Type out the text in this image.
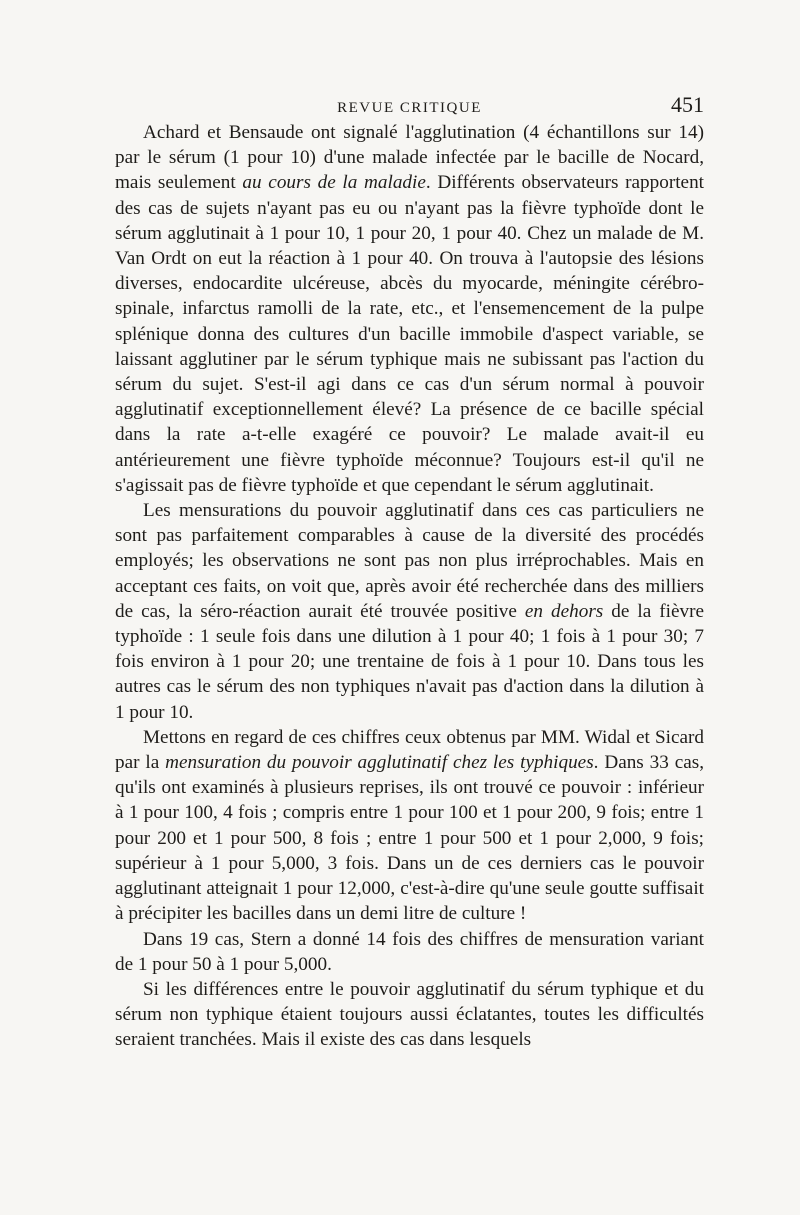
REVUE CRITIQUE	451

Achard et Bensaude ont signalé l'agglutination (4 échantillons sur 14) par le sérum (1 pour 10) d'une malade infectée par le bacille de Nocard, mais seulement au cours de la maladie. Différents observateurs rapportent des cas de sujets n'ayant pas eu ou n'ayant pas la fièvre typhoïde dont le sérum agglutinait à 1 pour 10, 1 pour 20, 1 pour 40. Chez un malade de M. Van Ordt on eut la réaction à 1 pour 40. On trouva à l'autopsie des lésions diverses, endocardite ulcéreuse, abcès du myocarde, méningite cérébro-spinale, infarctus ramolli de la rate, etc., et l'ensemencement de la pulpe splénique donna des cultures d'un bacille immobile d'aspect variable, se laissant agglutiner par le sérum typhique mais ne subissant pas l'action du sérum du sujet. S'est-il agi dans ce cas d'un sérum normal à pouvoir agglutinatif exceptionnellement élevé? La présence de ce bacille spécial dans la rate a-t-elle exagéré ce pouvoir? Le malade avait-il eu antérieurement une fièvre typhoïde méconnue? Toujours est-il qu'il ne s'agissait pas de fièvre typhoïde et que cependant le sérum agglutinait.

Les mensurations du pouvoir agglutinatif dans ces cas particuliers ne sont pas parfaitement comparables à cause de la diversité des procédés employés; les observations ne sont pas non plus irréprochables. Mais en acceptant ces faits, on voit que, après avoir été recherchée dans des milliers de cas, la séro-réaction aurait été trouvée positive en dehors de la fièvre typhoïde : 1 seule fois dans une dilution à 1 pour 40; 1 fois à 1 pour 30; 7 fois environ à 1 pour 20; une trentaine de fois à 1 pour 10. Dans tous les autres cas le sérum des non typhiques n'avait pas d'action dans la dilution à 1 pour 10.

Mettons en regard de ces chiffres ceux obtenus par MM. Widal et Sicard par la mensuration du pouvoir agglutinatif chez les typhiques. Dans 33 cas, qu'ils ont examinés à plusieurs reprises, ils ont trouvé ce pouvoir : inférieur à 1 pour 100, 4 fois ; compris entre 1 pour 100 et 1 pour 200, 9 fois; entre 1 pour 200 et 1 pour 500, 8 fois ; entre 1 pour 500 et 1 pour 2,000, 9 fois; supérieur à 1 pour 5,000, 3 fois. Dans un de ces derniers cas le pouvoir agglutinant atteignait 1 pour 12,000, c'est-à-dire qu'une seule goutte suffisait à précipiter les bacilles dans un demi litre de culture !

Dans 19 cas, Stern a donné 14 fois des chiffres de mensuration variant de 1 pour 50 à 1 pour 5,000.

Si les différences entre le pouvoir agglutinatif du sérum typhique et du sérum non typhique étaient toujours aussi éclatantes, toutes les difficultés seraient tranchées. Mais il existe des cas dans lesquels
